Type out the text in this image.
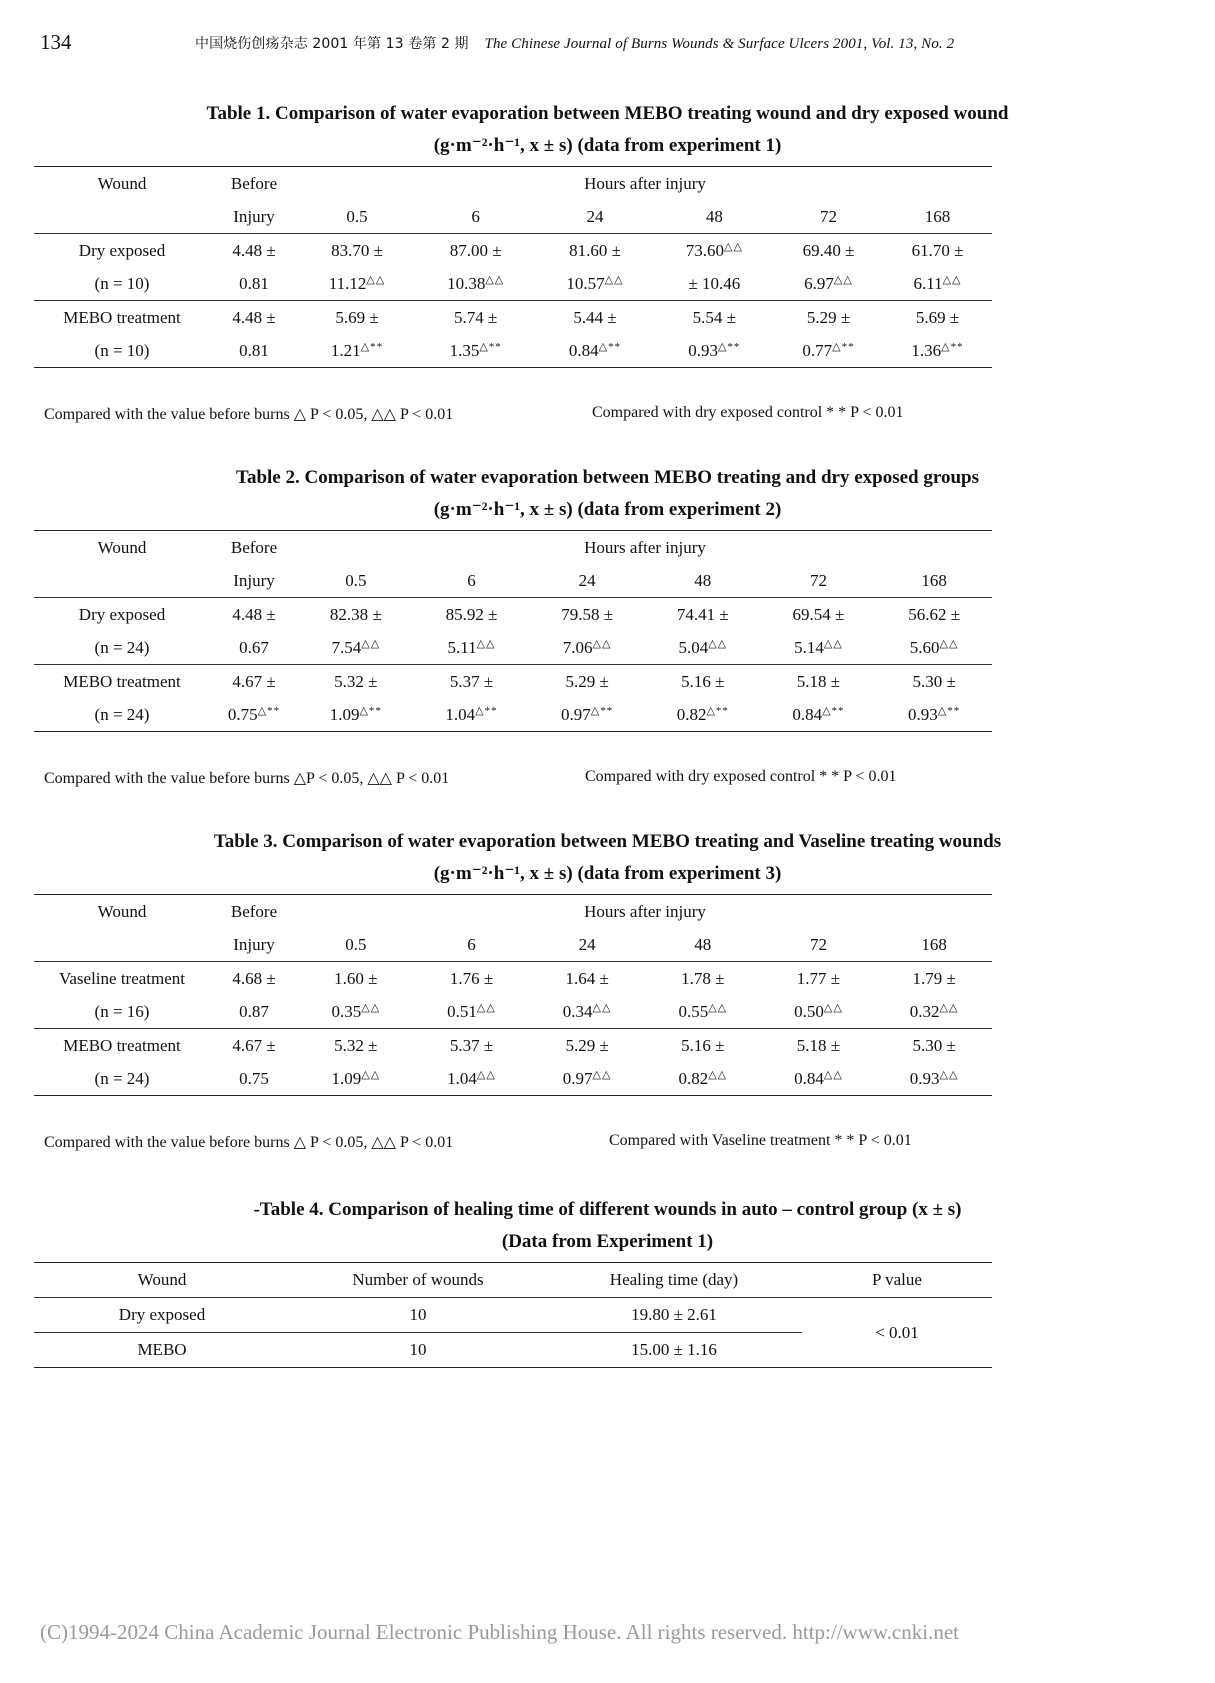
134	中国烧伤创疡杂志 2001 年第 13 卷第 2 期 The Chinese Journal of Burns Wounds & Surface Ulcers 2001, Vol. 13, No. 2
Table 1. Comparison of water evaporation between MEBO treating wound and dry exposed wound
(g·m⁻²·h⁻¹, x ± s) (data from experiment 1)
Wound	Before	Hours after injury					
	Injury	0.5	6	24	48	72	168
Dry exposed	4.48 ±	83.70 ±	87.00 ±	81.60 ±	73.60△△	69.40 ±	61.70 ±
(n = 10)	0.81	11.12△△	10.38△△	10.57△△	± 10.46	6.97△△	6.11△△
MEBO treatment	4.48 ±	5.69 ±	5.74 ±	5.44 ±	5.54 ±	5.29 ±	5.69 ±
(n = 10)	0.81	1.21△**	1.35△**	0.84△**	0.93△**	0.77△**	1.36△**
Compared with the value before burns △ P < 0.05, △△ P < 0.01	Compared with dry exposed control * * P < 0.01
Table 2. Comparison of water evaporation between MEBO treating and dry exposed groups
(g·m⁻²·h⁻¹, x ± s) (data from experiment 2)
Wound	Before	Hours after injury					
	Injury	0.5	6	24	48	72	168
Dry exposed	4.48 ±	82.38 ±	85.92 ±	79.58 ±	74.41 ±	69.54 ±	56.62 ±
(n = 24)	0.67	7.54△△	5.11△△	7.06△△	5.04△△	5.14△△	5.60△△
MEBO treatment	4.67 ±	5.32 ±	5.37 ±	5.29 ±	5.16 ±	5.18 ±	5.30 ±
(n = 24)	0.75△**	1.09△**	1.04△**	0.97△**	0.82△**	0.84△**	0.93△**
Compared with the value before burns △P < 0.05, △△ P < 0.01	Compared with dry exposed control * * P < 0.01
Table 3. Comparison of water evaporation between MEBO treating and Vaseline treating wounds
(g·m⁻²·h⁻¹, x ± s) (data from experiment 3)
Wound	Before	Hours after injury					
	Injury	0.5	6	24	48	72	168
Vaseline treatment	4.68 ±	1.60 ±	1.76 ±	1.64 ±	1.78 ±	1.77 ±	1.79 ±
(n = 16)	0.87	0.35△△	0.51△△	0.34△△	0.55△△	0.50△△	0.32△△
MEBO treatment	4.67 ±	5.32 ±	5.37 ±	5.29 ±	5.16 ±	5.18 ±	5.30 ±
(n = 24)	0.75	1.09△△	1.04△△	0.97△△	0.82△△	0.84△△	0.93△△
Compared with the value before burns △ P < 0.05, △△ P < 0.01	Compared with Vaseline treatment * * P < 0.01
-Table 4. Comparison of healing time of different wounds in auto – control group (x ± s)
(Data from Experiment 1)
Wound	Number of wounds	Healing time (day)	P value
Dry exposed	10	19.80 ± 2.61	< 0.01
MEBO	10	15.00 ± 1.16	
(C)1994-2024 China Academic Journal Electronic Publishing House. All rights reserved. http://www.cnki.net
